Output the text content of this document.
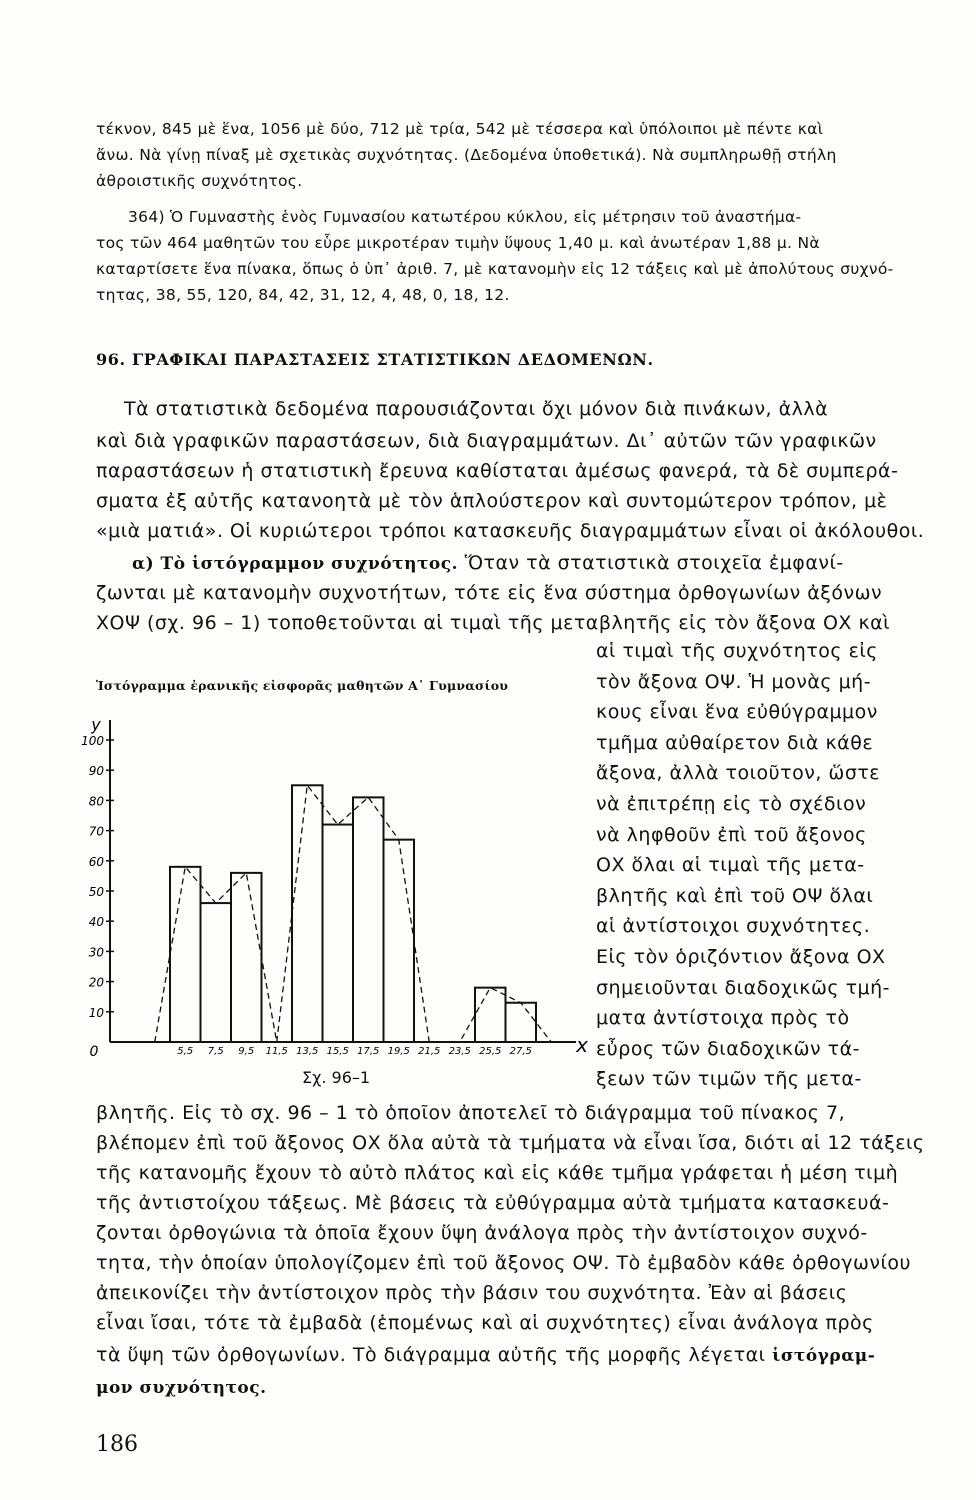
τέκνον, 845 μὲ ἕνα, 1056 μὲ δύο, 712 μὲ τρία, 542 μὲ τέσσερα καὶ ὑπόλοιποι μὲ πέντε καὶ
ἄνω. Νὰ γίνῃ πίναξ μὲ σχετικὰς συχνότητας. (Δεδομένα ὑποθετικά). Νὰ συμπληρωθῇ στήλη
ἀθροιστικῆς συχνότητος.
364) Ὁ Γυμναστὴς ἑνὸς Γυμνασίου κατωτέρου κύκλου, εἰς μέτρησιν τοῦ ἀναστήμα-
τος τῶν 464 μαθητῶν του εὗρε μικροτέραν τιμὴν ὕψους 1,40 μ. καὶ ἀνωτέραν 1,88 μ. Νὰ
καταρτίσετε ἕνα πίνακα, ὅπως ὁ ὑπ᾽ ἀριθ. 7, μὲ κατανομὴν εἰς 12 τάξεις καὶ μὲ ἀπολύτους συχνό-
τητας, 38, 55, 120, 84, 42, 31, 12, 4, 48, 0, 18, 12.
96. ΓΡΑΦΙΚΑΙ ΠΑΡΑΣΤΑΣΕΙΣ ΣΤΑΤΙΣΤΙΚΩΝ ΔΕΔΟΜΕΝΩΝ.
Τὰ στατιστικὰ δεδομένα παρουσιάζονται ὄχι μόνον διὰ πινάκων, ἀλλὰ
καὶ διὰ γραφικῶν παραστάσεων, διὰ διαγραμμάτων. Δι᾽ αὐτῶν τῶν γραφικῶν
παραστάσεων ἡ στατιστικὴ ἔρευνα καθίσταται ἀμέσως φανερά, τὰ δὲ συμπερά-
σματα ἐξ αὐτῆς κατανοητὰ μὲ τὸν ἁπλούστερον καὶ συντομώτερον τρόπον, μὲ
«μιὰ ματιά». Οἱ κυριώτεροι τρόποι κατασκευῆς διαγραμμάτων εἶναι οἱ ἀκόλουθοι.
α) Τὸ ἱστόγραμμον συχνότητος. Ὅταν τὰ στατιστικὰ στοιχεῖα ἐμφανί-
ζωνται μὲ κατανομὴν συχνοτήτων, τότε εἰς ἕνα σύστημα ὀρθογωνίων ἀξόνων
ΧΟΨ (σχ. 96 – 1) τοποθετοῦνται αἱ τιμαὶ τῆς μεταβλητῆς εἰς τὸν ἄξονα ΟΧ καὶ
αἱ τιμαὶ τῆς συχνότητος εἰς
τὸν ἄξονα ΟΨ. Ἡ μονὰς μή-
κους εἶναι ἕνα εὐθύγραμμον
τμῆμα αὐθαίρετον διὰ κάθε
ἄξονα, ἀλλὰ τοιοῦτον, ὥστε
νὰ ἐπιτρέπῃ εἰς τὸ σχέδιον
νὰ ληφθοῦν ἐπὶ τοῦ ἄξονος
ΟΧ ὅλαι αἱ τιμαὶ τῆς μετα-
βλητῆς καὶ ἐπὶ τοῦ ΟΨ ὅλαι
αἱ ἀντίστοιχοι συχνότητες.
Εἰς τὸν ὁριζόντιον ἄξονα ΟΧ
σημειοῦνται διαδοχικῶς τμή-
ματα ἀντίστοιχα πρὸς τὸ
εὖρος τῶν διαδοχικῶν τά-
ξεων τῶν τιμῶν τῆς μετα-
Ἱστόγραμμα ἐρανικῆς εἰσφορᾶς μαθητῶν Α᾽ Γυμνασίου
10
20
30
40
50
60
70
80
90
100
y
0	x
5,5 7,5 9,5 11,5 13,5 15,5 17,5 19,5 21,5 23,5 25,5 27,5
Σχ. 96–1
βλητῆς. Εἰς τὸ σχ. 96 – 1 τὸ ὁποῖον ἀποτελεῖ τὸ διάγραμμα τοῦ πίνακος 7,
βλέπομεν ἐπὶ τοῦ ἄξονος ΟΧ ὅλα αὐτὰ τὰ τμήματα νὰ εἶναι ἴσα, διότι αἱ 12 τάξεις
τῆς κατανομῆς ἔχουν τὸ αὐτὸ πλάτος καὶ εἰς κάθε τμῆμα γράφεται ἡ μέση τιμὴ
τῆς ἀντιστοίχου τάξεως. Μὲ βάσεις τὰ εὐθύγραμμα αὐτὰ τμήματα κατασκευά-
ζονται ὀρθογώνια τὰ ὁποῖα ἔχουν ὕψη ἀνάλογα πρὸς τὴν ἀντίστοιχον συχνό-
τητα, τὴν ὁποίαν ὑπολογίζομεν ἐπὶ τοῦ ἄξονος ΟΨ. Τὸ ἐμβαδὸν κάθε ὀρθογωνίου
ἀπεικονίζει τὴν ἀντίστοιχον πρὸς τὴν βάσιν του συχνότητα. Ἐὰν αἱ βάσεις
εἶναι ἴσαι, τότε τὰ ἐμβαδὰ (ἑπομένως καὶ αἱ συχνότητες) εἶναι ἀνάλογα πρὸς
τὰ ὕψη τῶν ὀρθογωνίων. Τὸ διάγραμμα αὐτῆς τῆς μορφῆς λέγεται ἱστόγραμ-
μον συχνότητος.
186
